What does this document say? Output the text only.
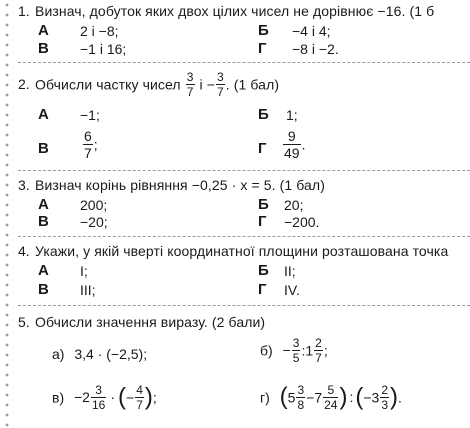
1. Визнач, добуток яких двох цілих чисел не дорівнює −16. (1 б
А 2 і −8;	Б −4 і 4;
В −1 і 16;	Г −8 і −2.
2. Обчисли частку чисел $\frac{3}{7}$ $і - \frac{3}{7}$ . (1 бал)
А −1;	Б 1;
В $\frac{6}{7}$ ;	Г $\frac{9}{49}$ .
3. Визнач корінь рівняння −0,25 · x = 5. (1 бал)
А 200;	Б 20;
В −20;	Г −200.
4. Укажи, у якій чверті координатної площини розташована точка
А I;	Б II;
В III;	Г IV.
5. Обчисли значення виразу. (2 бали)
а) 3,4 · (−2,5);	$б) - \frac{3}{5}$ :1 $\frac{2}{7}$ ;
$в) -2 \frac{3}{16}$ · (− $\frac{4}{7}$ );	г) ($5 \frac{3}{8} -7 \frac{5}{24}$ ) :(−3 $\frac{2}{3}$ ).
